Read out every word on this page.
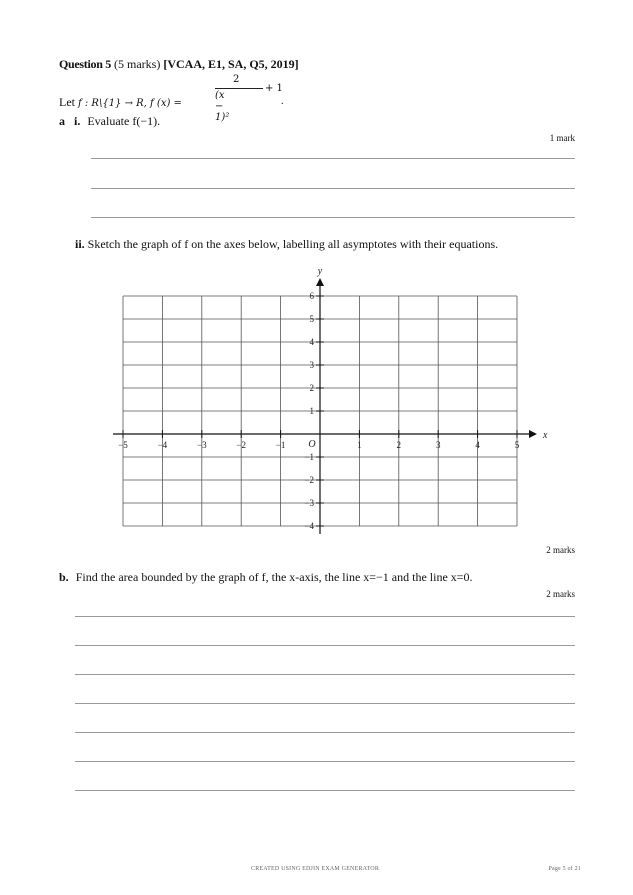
Question 5 (5 marks) [VCAA, E1, SA, Q5, 2019]
Let f : R\{1} → R, f (x) =
2
(x − 1)²
+ 1
.
a i. Evaluate f(−1).
1 mark
ii. Sketch the graph of f on the axes below, labelling all asymptotes with their equations.
−5	−4	−3	−2	−1	1	2	3	4	5
−4
−3
−2
−1
1
2
3
4
5
6
x
y
O
2 marks
b. Find the area bounded by the graph of f, the x-axis, the line x=−1 and the line x=0.
2 marks
CREATED USING EDJIN EXAM GENERATOR	Page 5 of 21
